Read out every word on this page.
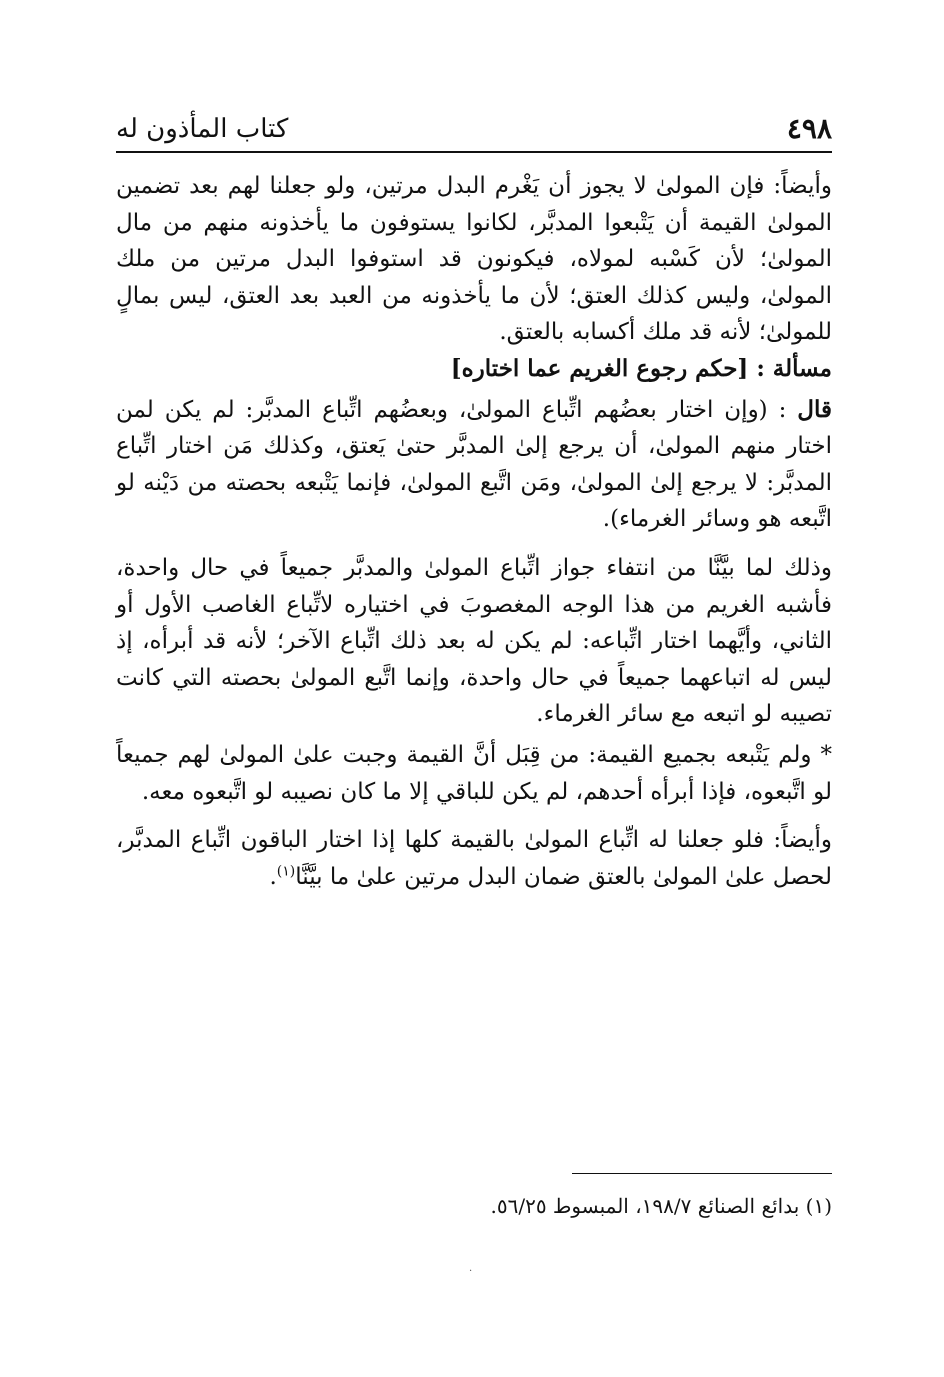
٤٩٨
كتاب المأذون له

وأيضاً: فإن المولىٰ لا يجوز أن يَغْرم البدل مرتين، ولو جعلنا لهم بعد تضمين المولىٰ القيمة أن يَتْبعوا المدبَّر، لكانوا يستوفون ما يأخذونه منهم من مال المولىٰ؛ لأن كَسْبه لمولاه، فيكونون قد استوفوا البدل مرتين من ملك المولىٰ، وليس كذلك العتق؛ لأن ما يأخذونه من العبد بعد العتق، ليس بمالٍ للمولىٰ؛ لأنه قد ملك أكسابه بالعتق.

مسألة : [حكم رجوع الغريم عما اختاره]

قال : (وإن اختار بعضُهم اتِّباع المولىٰ، وبعضُهم اتِّباع المدبَّر: لم يكن لمن اختار منهم المولىٰ، أن يرجع إلىٰ المدبَّر حتىٰ يَعتق، وكذلك مَن اختار اتِّباع المدبَّر: لا يرجع إلىٰ المولىٰ، ومَن اتَّبع المولىٰ، فإنما يَتْبعه بحصته من دَيْنه لو اتَّبعه هو وسائر الغرماء).

وذلك لما بيَّنَّا من انتفاء جواز اتِّباع المولىٰ والمدبَّر جميعاً في حال واحدة، فأشبه الغريم من هذا الوجه المغصوبَ في اختياره لاتِّباع الغاصب الأول أو الثاني، وأيَّهما اختار اتِّباعه: لم يكن له بعد ذلك اتِّباع الآخر؛ لأنه قد أبرأه، إذ ليس له اتباعهما جميعاً في حال واحدة، وإنما اتَّبع المولىٰ بحصته التي كانت تصيبه لو اتبعه مع سائر الغرماء.

* ولم يَتْبعه بجميع القيمة: من قِبَل أنَّ القيمة وجبت علىٰ المولىٰ لهم جميعاً لو اتَّبعوه، فإذا أبرأه أحدهم، لم يكن للباقي إلا ما كان نصيبه لو اتَّبعوه معه.

وأيضاً: فلو جعلنا له اتِّباع المولىٰ بالقيمة كلها إذا اختار الباقون اتِّباع المدبَّر، لحصل علىٰ المولىٰ بالعتق ضمان البدل مرتين علىٰ ما بيَّنَّا$^{(١)}$.

(١) بدائع الصنائع ١٩٨/٧، المبسوط ٥٦/٢٥.
.
